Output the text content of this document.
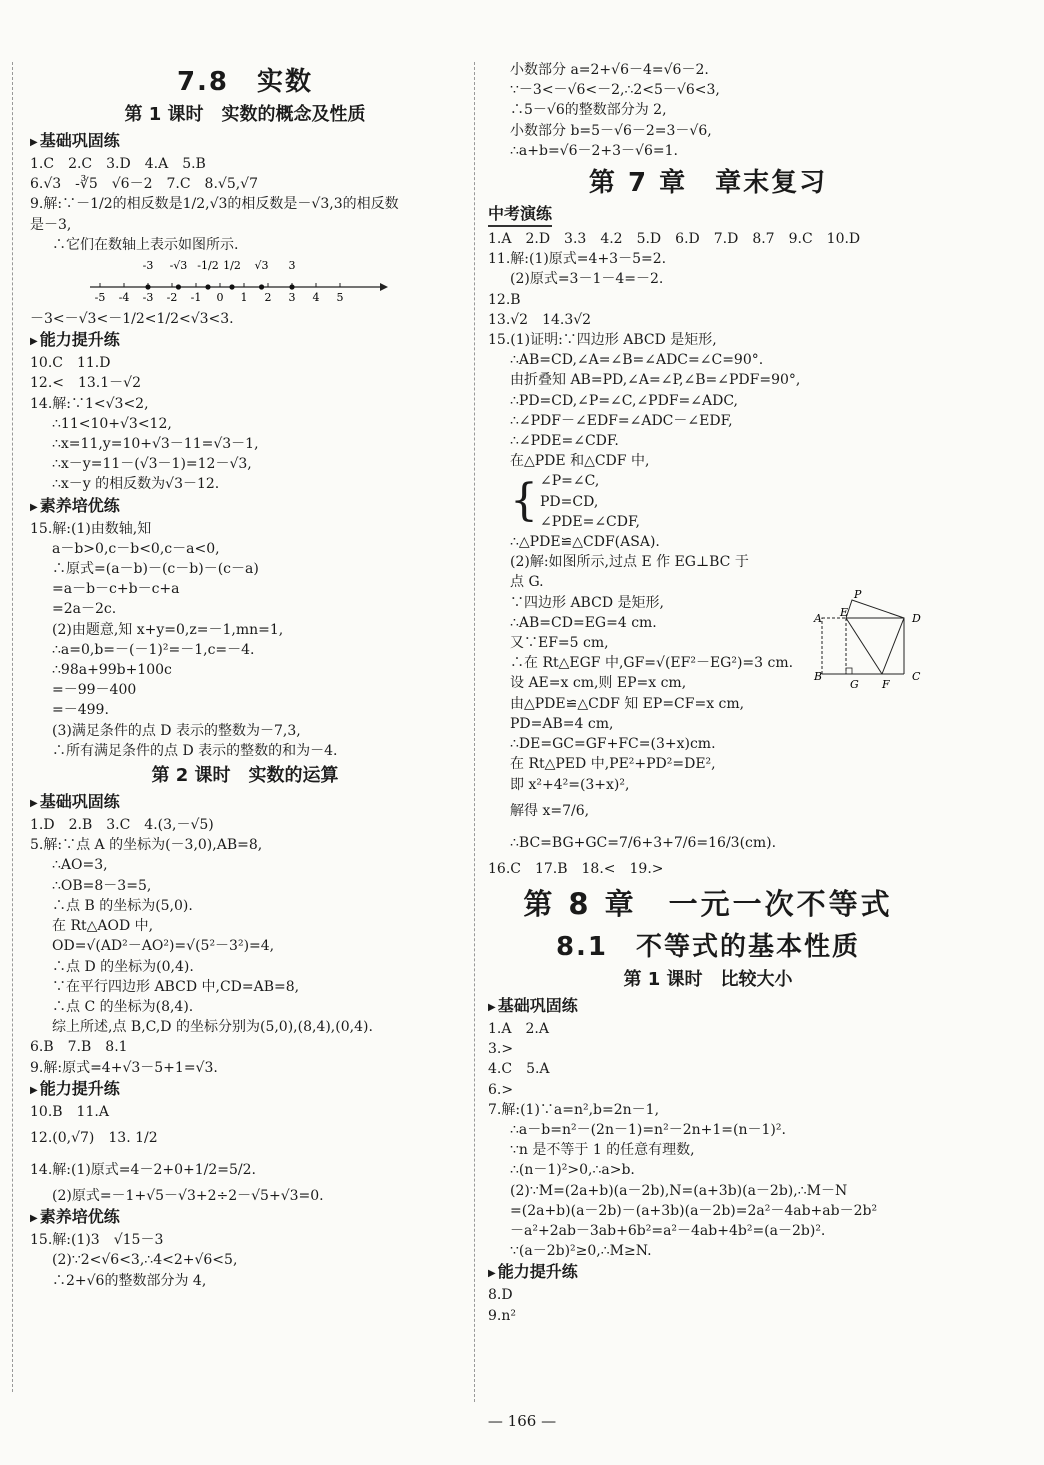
7.8　实数
第 1 课时　实数的概念及性质
▶ 基础巩固练
1.C　2.C　3.D　4.A　5.B
6.√3　-∛5　√6－2　7.C　8.√5,√7
9.解:∵－1/2的相反数是1/2,√3的相反数是－√3,3的相反数
是－3,
∴它们在数轴上表示如图所示.
-5 -4 -3 -2 -1 0 1 2 3 4 5
-3 -√3 -1/2 1/2 √3 3
－3<－√3<－1/2<1/2<√3<3.
▶ 能力提升练
10.C　11.D
12.<　13.1－√2
14.解:∵1<√3<2,
∴11<10+√3<12,
∴x=11,y=10+√3－11=√3－1,
∴x－y=11－(√3－1)=12－√3,
∴x－y 的相反数为√3－12.
▶ 素养培优练
15.解:(1)由数轴,知
a－b>0,c－b<0,c－a<0,
∴原式=(a－b)－(c－b)－(c－a)
=a－b－c+b－c+a
=2a－2c.
(2)由题意,知 x+y=0,z=－1,mn=1,
∴a=0,b=－(－1)²=－1,c=－4.
∴98a+99b+100c
=－99－400
=－499.
(3)满足条件的点 D 表示的整数为－7,3,
∴所有满足条件的点 D 表示的整数的和为－4.
第 2 课时　实数的运算
▶ 基础巩固练
1.D　2.B　3.C　4.(3,－√5)
5.解:∵点 A 的坐标为(－3,0),AB=8,
∴AO=3,
∴OB=8－3=5,
∴点 B 的坐标为(5,0).
在 Rt△AOD 中,
OD=√(AD²－AO²)=√(5²－3²)=4,
∴点 D 的坐标为(0,4).
∵在平行四边形 ABCD 中,CD=AB=8,
∴点 C 的坐标为(8,4).
综上所述,点 B,C,D 的坐标分别为(5,0),(8,4),(0,4).
6.B　7.B　8.1
9.解:原式=4+√3－5+1=√3.
▶ 能力提升练
10.B　11.A
12.(0,√7)　13. 1/2
14.解:(1)原式=4－2+0+1/2=5/2.
(2)原式=－1+√5－√3+2÷2－√5+√3=0.
▶ 素养培优练
15.解:(1)3　√15－3
(2)∵2<√6<3,∴4<2+√6<5,
∴2+√6的整数部分为 4,
小数部分 a=2+√6－4=√6－2.
∵－3<－√6<－2,∴2<5－√6<3,
∴5－√6的整数部分为 2,
小数部分 b=5－√6－2=3－√6,
∴a+b=√6－2+3－√6=1.
第 7 章　章末复习
中考演练
1.A　2.D　3.3　4.2　5.D　6.D　7.D　8.7　9.C　10.D
11.解:(1)原式=4+3－5=2.
(2)原式=3－1－4=－2.
12.B
13.√2　14.3√2
15.(1)证明:∵四边形 ABCD 是矩形,
∴AB=CD,∠A=∠B=∠ADC=∠C=90°.
由折叠知 AB=PD,∠A=∠P,∠B=∠PDF=90°,
∴PD=CD,∠P=∠C,∠PDF=∠ADC,
∴∠PDF－∠EDF=∠ADC－∠EDF,
∴∠PDE=∠CDF.
在△PDE 和△CDF 中,
{ ∠P=∠C,
PD=CD,
∠PDE=∠CDF,
∴△PDE≌△CDF(ASA).
(2)解:如图所示,过点 E 作 EG⊥BC 于
点 G.
∵四边形 ABCD 是矩形,
∴AB=CD=EG=4 cm.
又∵EF=5 cm,
∴在 Rt△EGF 中,GF=√(EF²－EG²)=3 cm.
设 AE=x cm,则 EP=x cm,
由△PDE≌△CDF 知 EP=CF=x cm,
PD=AB=4 cm,
∴DE=GC=GF+FC=(3+x)cm.
在 Rt△PED 中,PE²+PD²=DE²,
即 x²+4²=(3+x)²,
解得 x=7/6,
∴BC=BG+GC=7/6+3+7/6=16/3(cm).
16.C　17.B　18.<　19.>
第 8 章　一元一次不等式
8.1　不等式的基本性质
第 1 课时　比较大小
▶ 基础巩固练
1.A　2.A
3.>
4.C　5.A
6.>
7.解:(1)∵a=n²,b=2n－1,
∴a－b=n²－(2n－1)=n²－2n+1=(n－1)².
∵n 是不等于 1 的任意有理数,
∴(n－1)²>0,∴a>b.
(2)∵M=(2a+b)(a－2b),N=(a+3b)(a－2b),∴M－N
=(2a+b)(a－2b)－(a+3b)(a－2b)=2a²－4ab+ab－2b²
－a²+2ab－3ab+6b²=a²－4ab+4b²=(a－2b)².
∵(a－2b)²≥0,∴M≥N.
▶ 能力提升练
8.D
9.n²
P
E
A	D
B
G F
C
— 166 —
